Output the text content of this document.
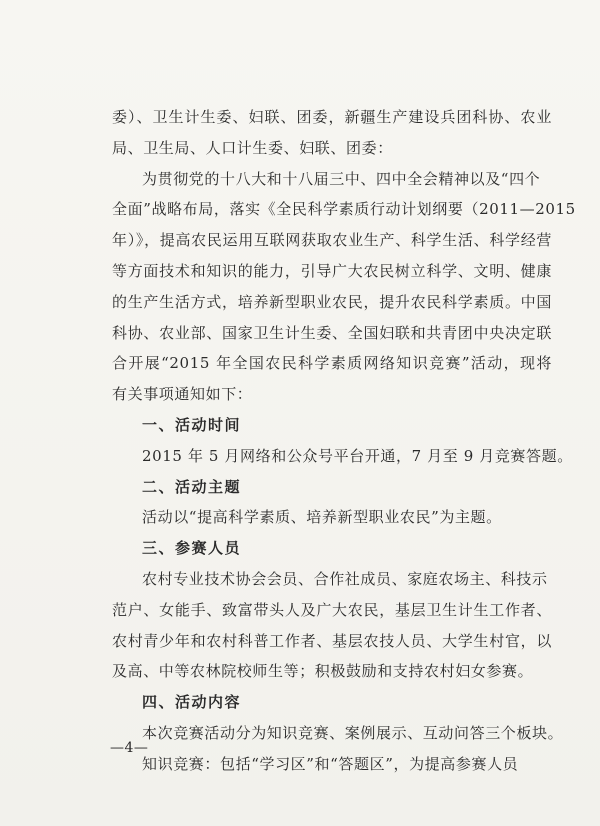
委）、卫生计生委、妇联、团委，新疆生产建设兵团科协、农业
局、卫生局、人口计生委、妇联、团委：
为贯彻党的十八大和十八届三中、四中全会精神以及“四个
全面”战略布局，落实《全民科学素质行动计划纲要（2011—2015
年）》，提高农民运用互联网获取农业生产、科学生活、科学经营
等方面技术和知识的能力，引导广大农民树立科学、文明、健康
的生产生活方式，培养新型职业农民，提升农民科学素质。中国
科协、农业部、国家卫生计生委、全国妇联和共青团中央决定联
合开展“2015 年全国农民科学素质网络知识竞赛”活动，现将
有关事项通知如下：
一、活动时间
2015 年 5 月网络和公众号平台开通，7 月至 9 月竞赛答题。
二、活动主题
活动以“提高科学素质、培养新型职业农民”为主题。
三、参赛人员
农村专业技术协会会员、合作社成员、家庭农场主、科技示
范户、女能手、致富带头人及广大农民，基层卫生计生工作者、
农村青少年和农村科普工作者、基层农技人员、大学生村官，以
及高、中等农林院校师生等；积极鼓励和支持农村妇女参赛。
四、活动内容
本次竞赛活动分为知识竞赛、案例展示、互动问答三个板块。
知识竞赛：包括“学习区”和“答题区”，为提高参赛人员
—4—
